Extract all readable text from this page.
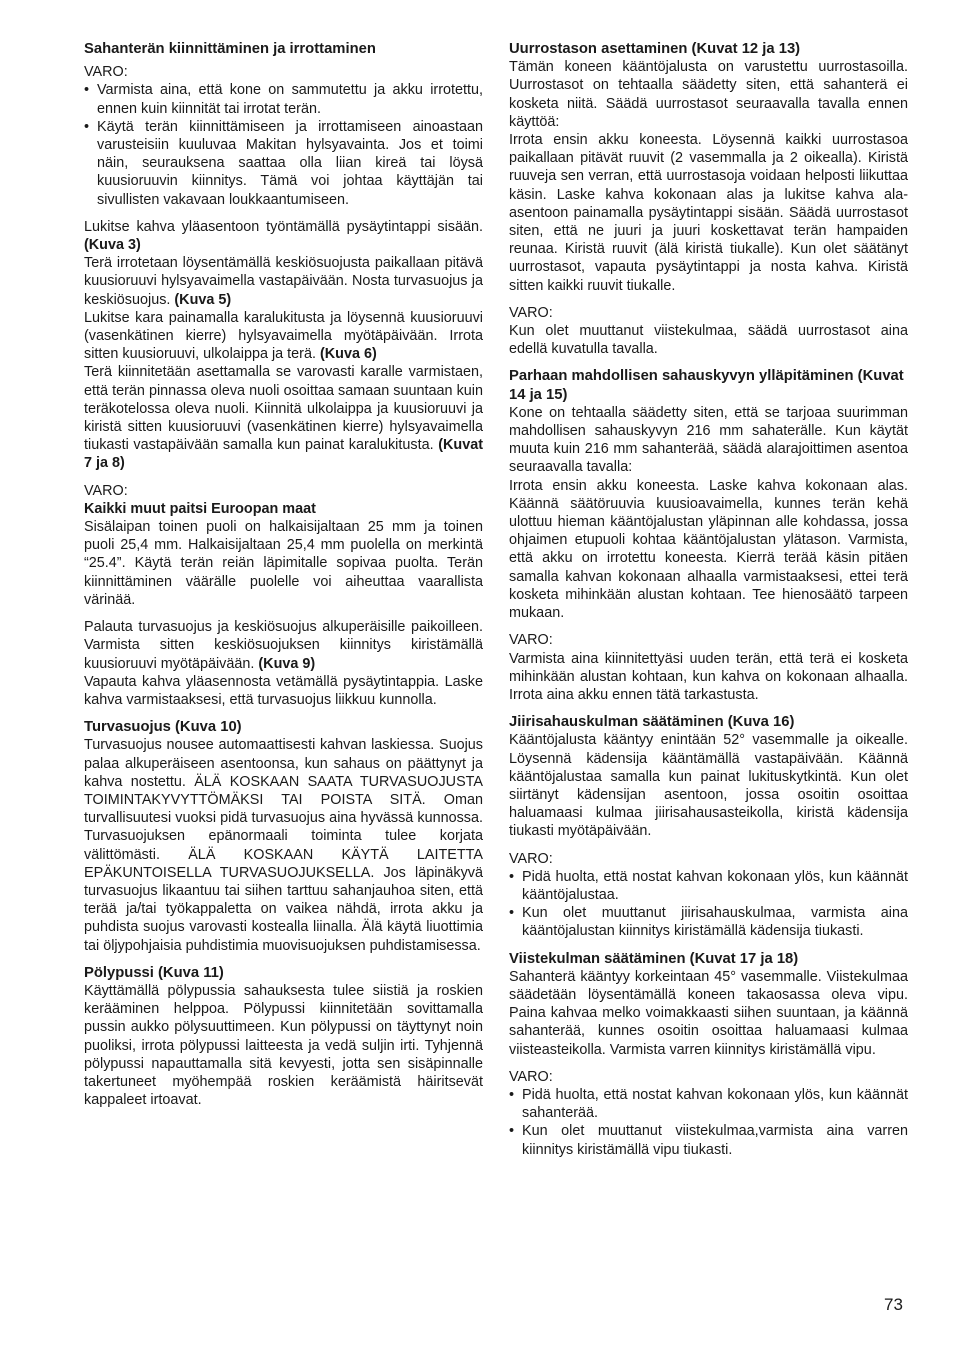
Sahanterän kiinnittäminen ja irrottaminen

VARO:

• Varmista aina, että kone on sammutettu ja akku irrotettu, ennen kuin kiinnität tai irrotat terän.

• Käytä terän kiinnittämiseen ja irrottamiseen ainoastaan varusteisiin kuuluvaa Makitan hylsyavainta. Jos et toimi näin, seurauksena saattaa olla liian kireä tai löysä kuusioruuvin kiinnitys. Tämä voi johtaa käyttäjän tai sivullisten vakavaan loukkaantumiseen.

Lukitse kahva yläasentoon työntämällä pysäytintappi sisään. (Kuva 3)

Terä irrotetaan löysentämällä keskiösuojusta paikallaan pitävä kuusioruuvi hylsyavaimella vastapäivään. Nosta turvasuojus ja keskiösuojus. (Kuva 5)

Lukitse kara painamalla karalukitusta ja löysennä kuusioruuvi (vasenkätinen kierre) hylsyavaimella myötäpäivään. Irrota sitten kuusioruuvi, ulkolaippa ja terä. (Kuva 6)

Terä kiinnitetään asettamalla se varovasti karalle varmistaen, että terän pinnassa oleva nuoli osoittaa samaan suuntaan kuin teräkotelossa oleva nuoli. Kiinnitä ulkolaippa ja kuusioruuvi ja kiristä sitten kuusioruuvi (vasenkätinen kierre) hylsyavaimella tiukasti vastapäivään samalla kun painat karalukitusta. (Kuvat 7 ja 8)

VARO:

Kaikki muut paitsi Euroopan maat

Sisälaipan toinen puoli on halkaisijaltaan 25 mm ja toinen puoli 25,4 mm. Halkaisijaltaan 25,4 mm puolella on merkintä “25.4”. Käytä terän reiän läpimitalle sopivaa puolta. Terän kiinnittäminen väärälle puolelle voi aiheuttaa vaarallista värinää.

Palauta turvasuojus ja keskiösuojus alkuperäisille paikoilleen. Varmista sitten keskiösuojuksen kiinnitys kiristämällä kuusioruuvi myötäpäivään. (Kuva 9)

Vapauta kahva yläasennosta vetämällä pysäytintappia. Laske kahva varmistaaksesi, että turvasuojus liikkuu kunnolla.

Turvasuojus (Kuva 10)

Turvasuojus nousee automaattisesti kahvan laskiessa. Suojus palaa alkuperäiseen asentoonsa, kun sahaus on päättynyt ja kahva nostettu. ÄLÄ KOSKAAN SAATA TURVASUOJUSTA TOIMINTAKYVYTTÖMÄKSI TAI POISTA SITÄ. Oman turvallisuutesi vuoksi pidä turvasuojus aina hyvässä kunnossa. Turvasuojuksen epänormaali toiminta tulee korjata välittömästi. ÄLÄ KOSKAAN KÄYTÄ LAITETTA EPÄKUNTOISELLA TURVASUOJUKSELLA. Jos läpinäkyvä turvasuojus likaantuu tai siihen tarttuu sahanjauhoa siten, että terää ja/tai työkappaletta on vaikea nähdä, irrota akku ja puhdista suojus varovasti kostealla liinalla. Älä käytä liuottimia tai öljypohjaisia puhdistimia muovisuojuksen puhdistamisessa.

Pölypussi (Kuva 11)

Käyttämällä pölypussia sahauksesta tulee siistiä ja roskien kerääminen helppoa. Pölypussi kiinnitetään sovittamalla pussin aukko pölysuuttimeen. Kun pölypussi on täyttynyt noin puoliksi, irrota pölypussi laitteesta ja vedä suljin irti. Tyhjennä pölypussi napauttamalla sitä kevyesti, jotta sen sisäpinnalle takertuneet myöhempää roskien keräämistä häiritsevät kappaleet irtoavat.

Uurrostason asettaminen (Kuvat 12 ja 13)

Tämän koneen kääntöjalusta on varustettu uurrostasoilla. Uurrostasot on tehtaalla säädetty siten, että sahanterä ei kosketa niitä. Säädä uurrostasot seuraavalla tavalla ennen käyttöä:

Irrota ensin akku koneesta. Löysennä kaikki uurrostasoa paikallaan pitävät ruuvit (2 vasemmalla ja 2 oikealla). Kiristä ruuveja sen verran, että uurrostasoja voidaan helposti liikuttaa käsin. Laske kahva kokonaan alas ja lukitse kahva ala-asentoon painamalla pysäytintappi sisään. Säädä uurrostasot siten, että ne juuri ja juuri koskettavat terän hampaiden reunaa. Kiristä ruuvit (älä kiristä tiukalle). Kun olet säätänyt uurrostasot, vapauta pysäytintappi ja nosta kahva. Kiristä sitten kaikki ruuvit tiukalle.

VARO:

Kun olet muuttanut viistekulmaa, säädä uurrostasot aina edellä kuvatulla tavalla.

Parhaan mahdollisen sahauskyvyn ylläpitäminen (Kuvat 14 ja 15)

Kone on tehtaalla säädetty siten, että se tarjoaa suurimman mahdollisen sahauskyvyn 216 mm sahaterälle. Kun käytät muuta kuin 216 mm sahanterää, säädä alarajoittimen asentoa seuraavalla tavalla:

Irrota ensin akku koneesta. Laske kahva kokonaan alas. Käännä säätöruuvia kuusioavaimella, kunnes terän kehä ulottuu hieman kääntöjalustan yläpinnan alle kohdassa, jossa ohjaimen etupuoli kohtaa kääntöjalustan ylätason. Varmista, että akku on irrotettu koneesta. Kierrä terää käsin pitäen samalla kahvan kokonaan alhaalla varmistaaksesi, ettei terä kosketa mihinkään alustan kohtaan. Tee hienosäätö tarpeen mukaan.

VARO:

Varmista aina kiinnitettyäsi uuden terän, että terä ei kosketa mihinkään alustan kohtaan, kun kahva on kokonaan alhaalla. Irrota aina akku ennen tätä tarkastusta.

Jiirisahauskulman säätäminen (Kuva 16)

Kääntöjalusta kääntyy enintään 52° vasemmalle ja oikealle. Löysennä kädensija kääntämällä vastapäivään. Käännä kääntöjalustaa samalla kun painat lukituskytkintä. Kun olet siirtänyt kädensijan asentoon, jossa osoitin osoittaa haluamaasi kulmaa jiirisahausasteikolla, kiristä kädensija tiukasti myötäpäivään.

VARO:

• Pidä huolta, että nostat kahvan kokonaan ylös, kun käännät kääntöjalustaa.

• Kun olet muuttanut jiirisahauskulmaa, varmista aina kääntöjalustan kiinnitys kiristämällä kädensija tiukasti.

Viistekulman säätäminen (Kuvat 17 ja 18)

Sahanterä kääntyy korkeintaan 45° vasemmalle. Viistekulmaa säädetään löysentämällä koneen takaosassa oleva vipu. Paina kahvaa melko voimakkaasti siihen suuntaan, ja käännä sahanterää, kunnes osoitin osoittaa haluamaasi kulmaa viisteasteikolla. Varmista varren kiinnitys kiristämällä vipu.

VARO:

• Pidä huolta, että nostat kahvan kokonaan ylös, kun käännät sahanterää.

• Kun olet muuttanut viistekulmaa,varmista aina varren kiinnitys kiristämällä vipu tiukasti.

73
